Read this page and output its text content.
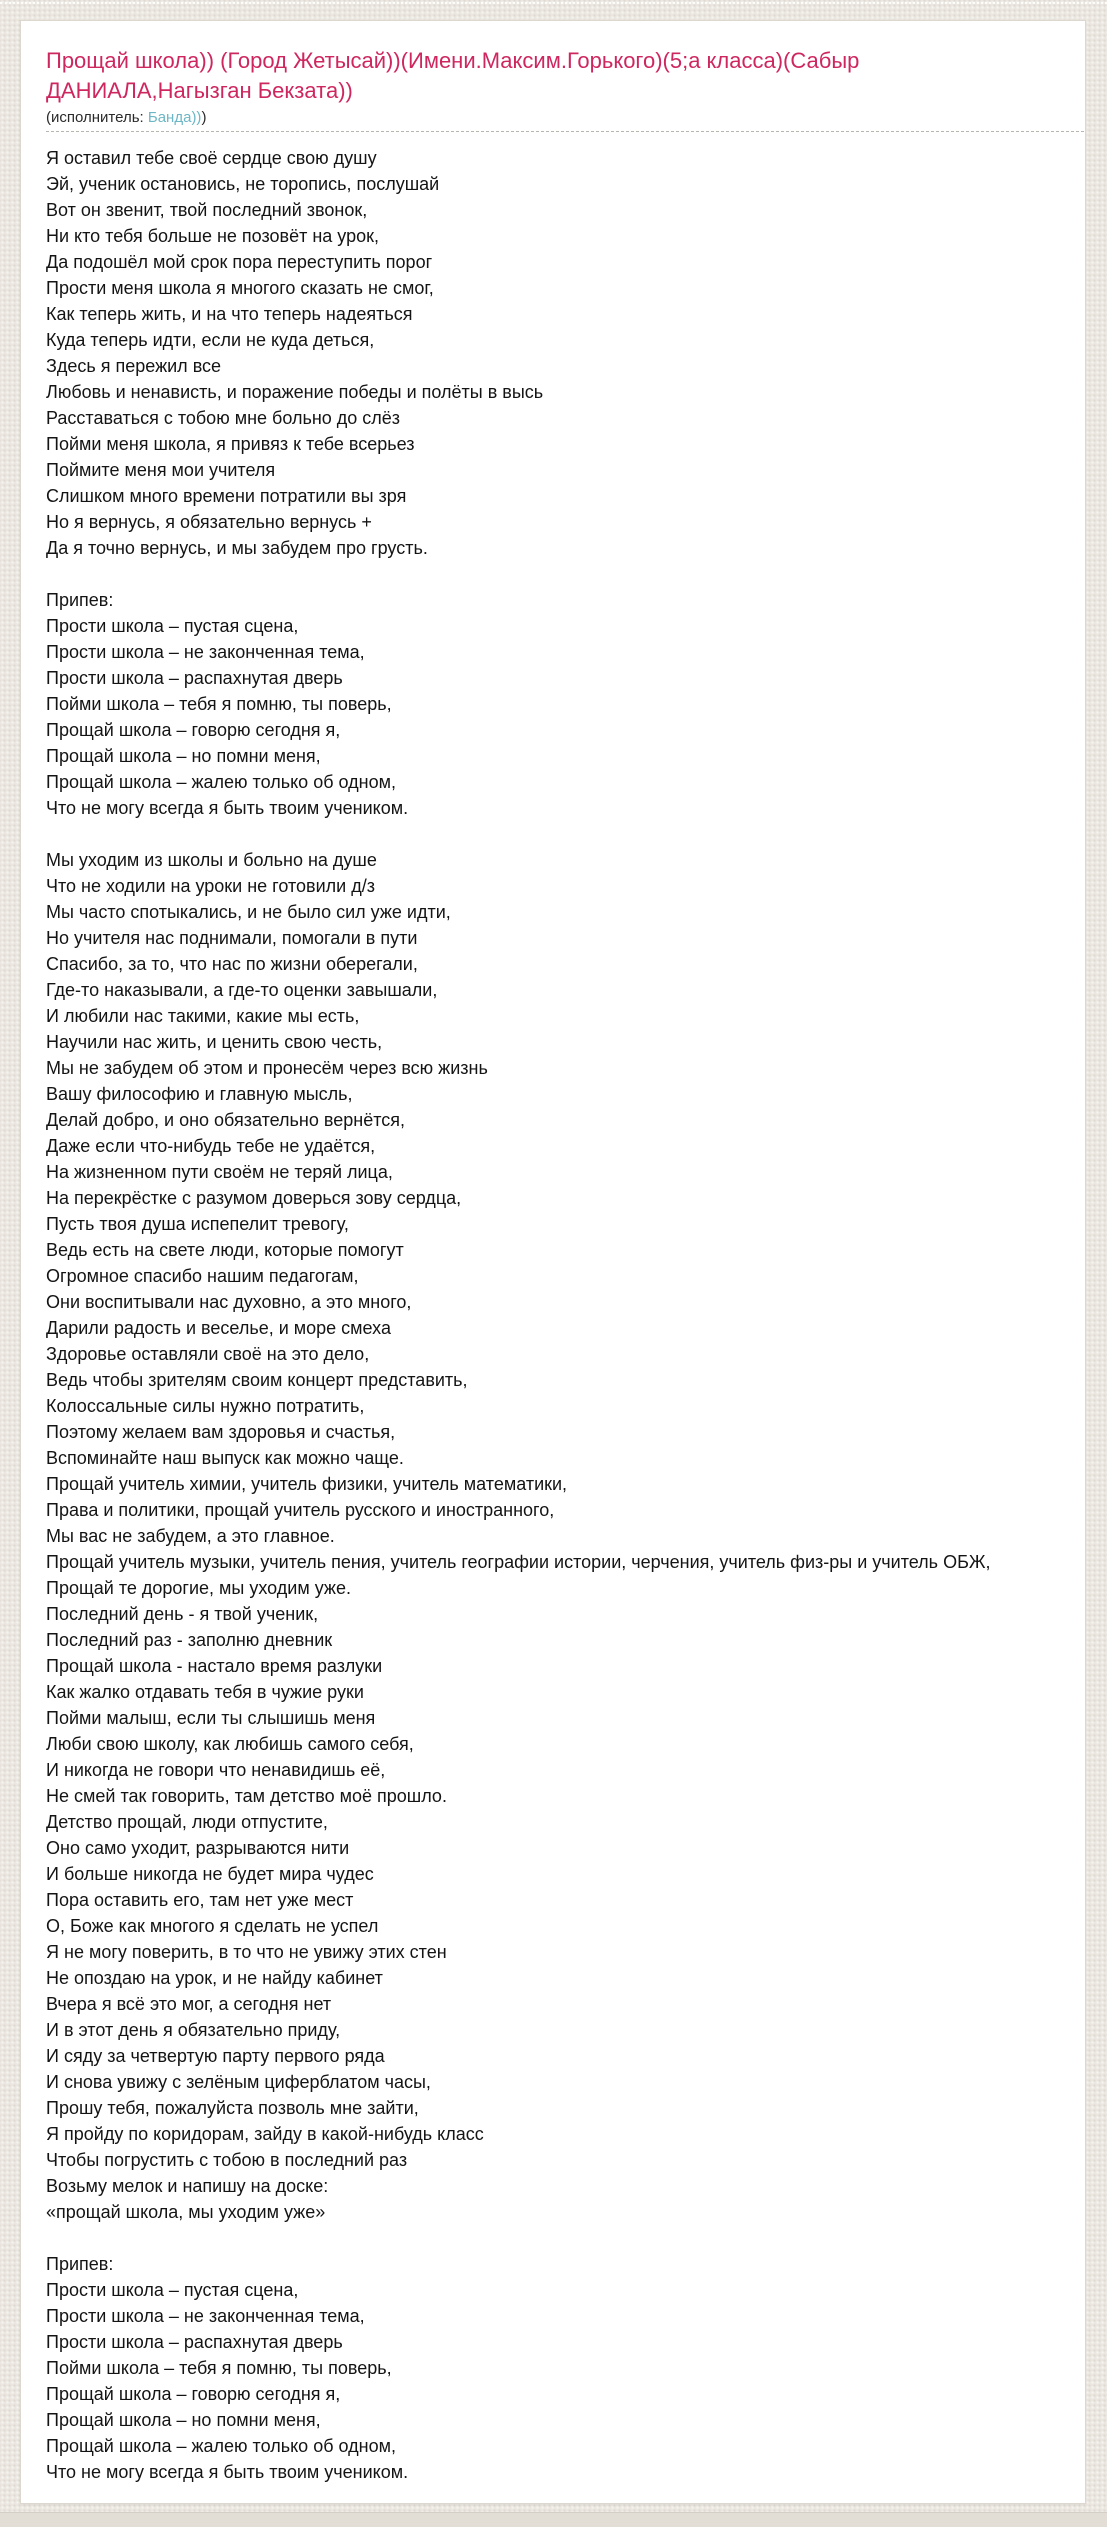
Прощай школа)) (Город Жетысай))(Имени.Максим.Горького)(5;а класса)(Сабыр ДАНИАЛА,Нагызган Бекзата))
(исполнитель: Банда)))
Я оставил тебе своё сердце свою душу
Эй, ученик остановись, не торопись, послушай
Вот он звенит, твой последний звонок,
Ни кто тебя больше не позовёт на урок,
Да подошёл мой срок пора переступить порог
Прости меня школа я многого сказать не смог,
Как теперь жить, и на что теперь надеяться
Куда теперь идти, если не куда деться,
Здесь я пережил все
Любовь и ненависть, и поражение победы и полёты в высь
Расставаться с тобою мне больно до слёз
Пойми меня школа, я привяз к тебе всерьез
Поймите меня мои учителя
Слишком много времени потратили вы зря
Но я вернусь, я обязательно вернусь +
Да я точно вернусь, и мы забудем про грусть.
Припев:
Прости школа – пустая сцена,
Прости школа – не законченная тема,
Прости школа – распахнутая дверь
Пойми школа – тебя я помню, ты поверь,
Прощай школа – говорю сегодня я,
Прощай школа – но помни меня,
Прощай школа – жалею только об одном,
Что не могу всегда я быть твоим учеником.
Мы уходим из школы и больно на душе
Что не ходили на уроки не готовили д/з
Мы часто спотыкались, и не было сил уже идти,
Но учителя нас поднимали, помогали в пути
Спасибо, за то, что нас по жизни оберегали,
Где-то наказывали, а где-то оценки завышали,
И любили нас такими, какие мы есть,
Научили нас жить, и ценить свою честь,
Мы не забудем об этом и пронесём через всю жизнь
Вашу философию и главную мысль,
Делай добро, и оно обязательно вернётся,
Даже если что-нибудь тебе не удаётся,
На жизненном пути своём не теряй лица,
На перекрёстке с разумом доверься зову сердца,
Пусть твоя душа испепелит тревогу,
Ведь есть на свете люди, которые помогут
Огромное спасибо нашим педагогам,
Они воспитывали нас духовно, а это много,
Дарили радость и веселье, и море смеха
Здоровье оставляли своё на это дело,
Ведь чтобы зрителям своим концерт представить,
Колоссальные силы нужно потратить,
Поэтому желаем вам здоровья и счастья,
Вспоминайте наш выпуск как можно чаще.
Прощай учитель химии, учитель физики, учитель математики,
Права и политики, прощай учитель русского и иностранного,
Мы вас не забудем, а это главное.
Прощай учитель музыки, учитель пения, учитель географии истории, черчения, учитель физ-ры и учитель ОБЖ,
Прощай те дорогие, мы уходим уже.
Последний день - я твой ученик,
Последний раз - заполню дневник
Прощай школа - настало время разлуки
Как жалко отдавать тебя в чужие руки
Пойми малыш, если ты слышишь меня
Люби свою школу, как любишь самого себя,
И никогда не говори что ненавидишь её,
Не смей так говорить, там детство моё прошло.
Детство прощай, люди отпустите,
Оно само уходит, разрываются нити
И больше никогда не будет мира чудес
Пора оставить его, там нет уже мест
О, Боже как многого я сделать не успел
Я не могу поверить, в то что не увижу этих стен
Не опоздаю на урок, и не найду кабинет
Вчера я всё это мог, а сегодня нет
И в этот день я обязательно приду,
И сяду за четвертую парту первого ряда
И снова увижу с зелёным циферблатом часы,
Прошу тебя, пожалуйста позволь мне зайти,
Я пройду по коридорам, зайду в какой-нибудь класс
Чтобы погрустить с тобою в последний раз
Возьму мелок и напишу на доске:
«прощай школа, мы уходим уже»
Припев:
Прости школа – пустая сцена,
Прости школа – не законченная тема,
Прости школа – распахнутая дверь
Пойми школа – тебя я помню, ты поверь,
Прощай школа – говорю сегодня я,
Прощай школа – но помни меня,
Прощай школа – жалею только об одном,
Что не могу всегда я быть твоим учеником.
